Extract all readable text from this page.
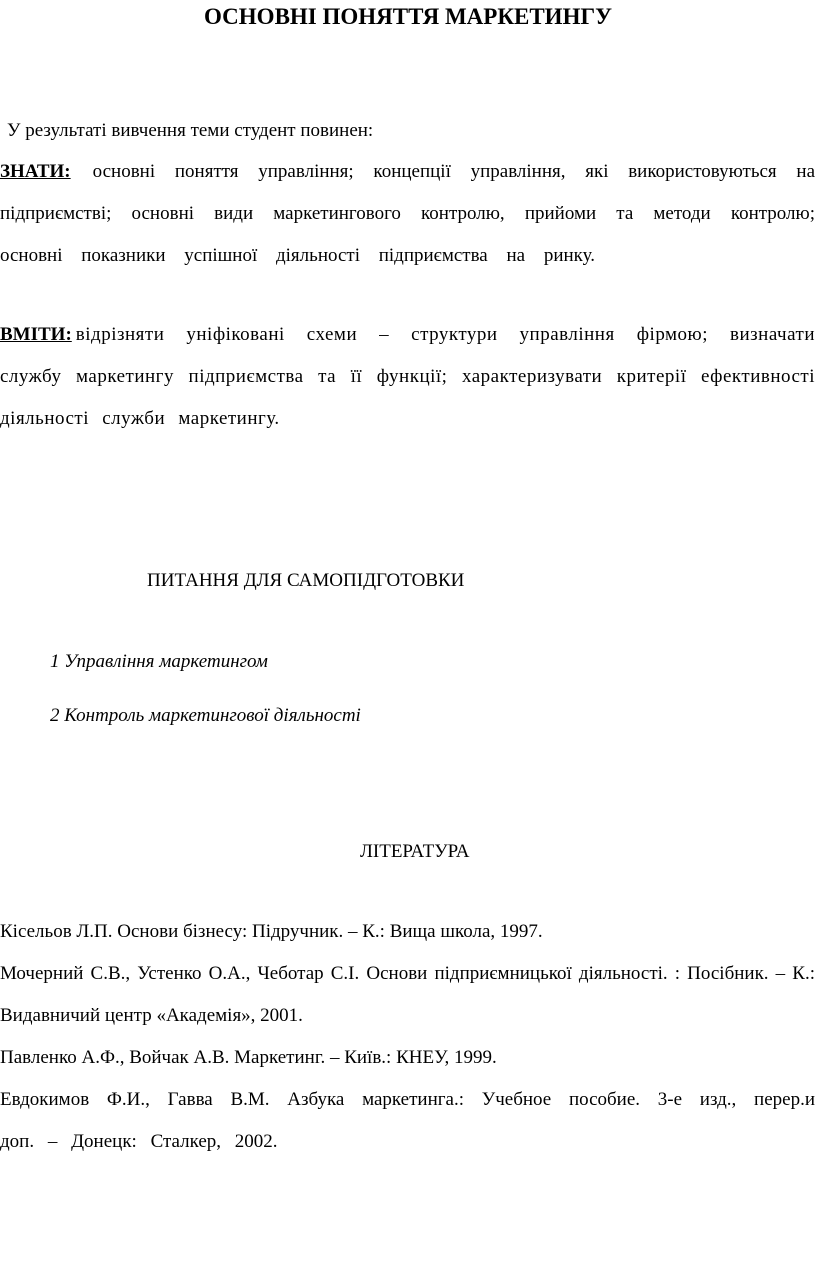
ОСНОВНІ ПОНЯТТЯ МАРКЕТИНГУ

У результаті вивчення теми студент повинен:

ЗНАТИ: основні поняття управління; концепції управління, які використовуються на підприємстві; основні види маркетингового контролю, прийоми та методи контролю; основні показники успішної діяльності підприємства на ринку.

ВМІТИ: відрізняти уніфіковані схеми – структури управління фірмою; визначати службу маркетингу підприємства та її функції; характеризувати критерії ефективності діяльності служби маркетингу.

ПИТАННЯ ДЛЯ САМОПІДГОТОВКИ

1 Управління маркетингом

2 Контроль маркетингової діяльності

ЛІТЕРАТУРА
Кісельов Л.П. Основи бізнесу: Підручник. – К.: Вища школа, 1997.
Мочерний С.В., Устенко О.А., Чеботар С.І. Основи підприємницької діяльності. : Посібник. – К.: Видавничий центр «Академія», 2001.
Павленко А.Ф., Войчак А.В. Маркетинг. – Київ.: КНЕУ, 1999.
Евдокимов Ф.И., Гавва В.М. Азбука маркетинга.: Учебное пособие. 3-е изд., перер.и доп. – Донецк: Сталкер, 2002.
